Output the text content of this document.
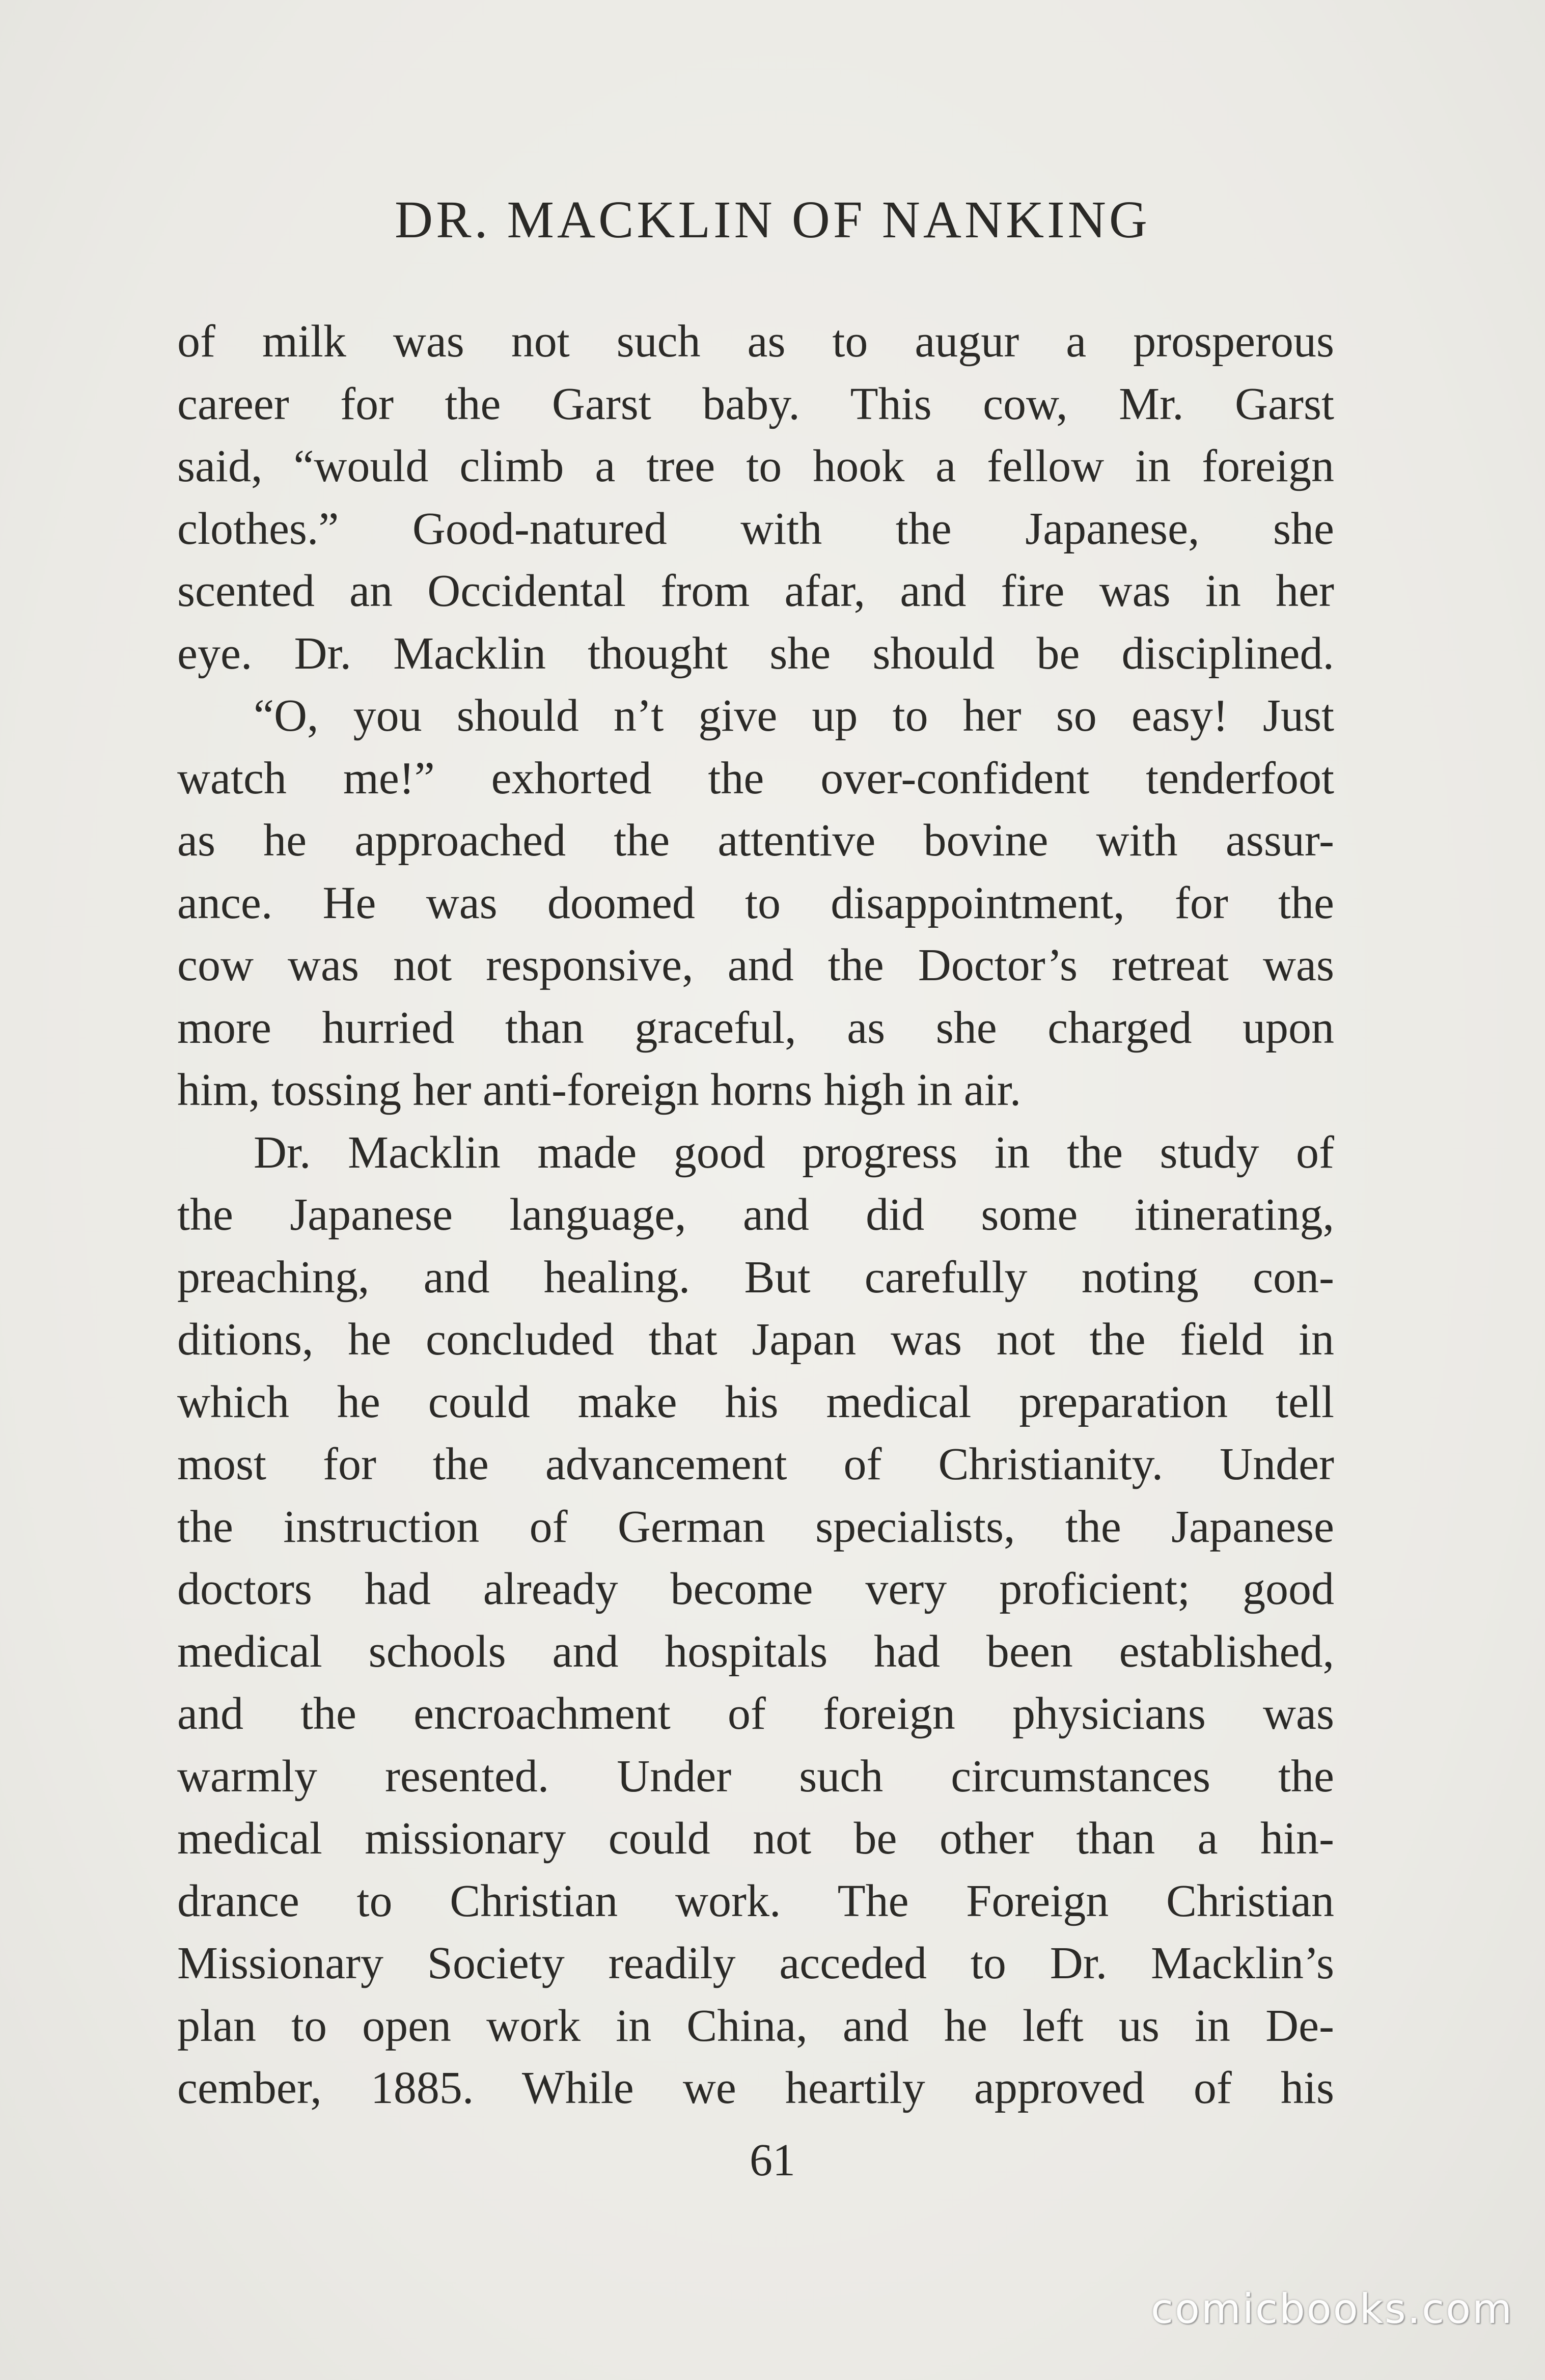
DR. MACKLIN OF NANKING
of milk was not such as to augur a prosperous
career for the Garst baby. This cow, Mr. Garst
said, “would climb a tree to hook a fellow in foreign
clothes.” Good-natured with the Japanese, she
scented an Occidental from afar, and fire was in her
eye. Dr. Macklin thought she should be disciplined.
“O, you should n’t give up to her so easy! Just
watch me!” exhorted the over-confident tenderfoot
as he approached the attentive bovine with assur-
ance. He was doomed to disappointment, for the
cow was not responsive, and the Doctor’s retreat was
more hurried than graceful, as she charged upon
him, tossing her anti-foreign horns high in air.
Dr. Macklin made good progress in the study of
the Japanese language, and did some itinerating,
preaching, and healing. But carefully noting con-
ditions, he concluded that Japan was not the field in
which he could make his medical preparation tell
most for the advancement of Christianity. Under
the instruction of German specialists, the Japanese
doctors had already become very proficient; good
medical schools and hospitals had been established,
and the encroachment of foreign physicians was
warmly resented. Under such circumstances the
medical missionary could not be other than a hin-
drance to Christian work. The Foreign Christian
Missionary Society readily acceded to Dr. Macklin’s
plan to open work in China, and he left us in De-
cember, 1885. While we heartily approved of his
61
comicbooks.com
